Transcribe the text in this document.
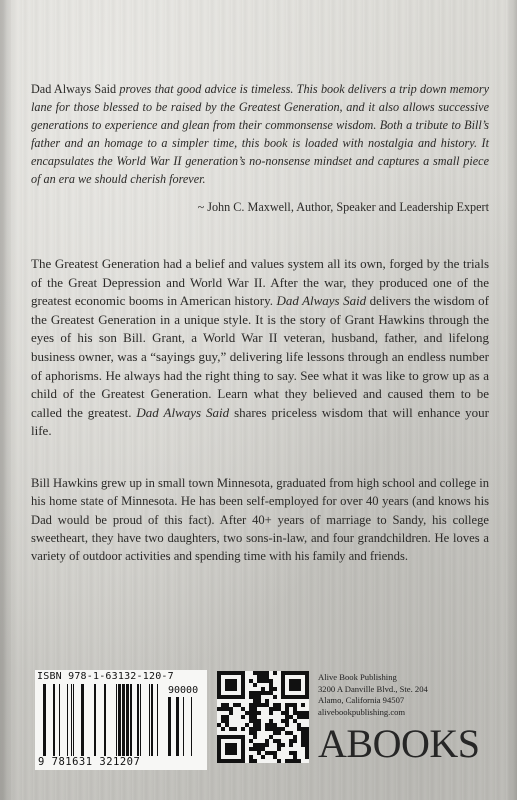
Dad Always Said proves that good advice is timeless. This book delivers a trip down memory lane for those blessed to be raised by the Greatest Generation, and it also allows successive generations to experience and glean from their commonsense wisdom. Both a tribute to Bill’s father and an homage to a simpler time, this book is loaded with nostalgia and history. It encapsulates the World War II generation’s no-nonsense mindset and captures a small piece of an era we should cherish forever.
~ John C. Maxwell, Author, Speaker and Leadership Expert
The Greatest Generation had a belief and values system all its own, forged by the trials of the Great Depression and World War II. After the war, they produced one of the greatest economic booms in American history. Dad Always Said delivers the wisdom of the Greatest Generation in a unique style. It is the story of Grant Hawkins through the eyes of his son Bill. Grant, a World War II veteran, husband, father, and lifelong business owner, was a “sayings guy,” delivering life lessons through an endless number of aphorisms. He always had the right thing to say. See what it was like to grow up as a child of the Greatest Generation. Learn what they believed and caused them to be called the greatest. Dad Always Said shares priceless wisdom that will enhance your life.
Bill Hawkins grew up in small town Minnesota, graduated from high school and college in his home state of Minnesota. He has been self-employed for over 40 years (and knows his Dad would be proud of this fact). After 40+ years of marriage to Sandy, his college sweetheart, they have two daughters, two sons-in-law, and four grandchildren. He loves a variety of outdoor activities and spending time with his family and friends.
ISBN 978-1-63132-120-7
90000
9 781631 321207
Alive Book Publishing
3200 A Danville Blvd., Ste. 204
Alamo, California 94507
alivebookpublishing.com
ABOOKS
